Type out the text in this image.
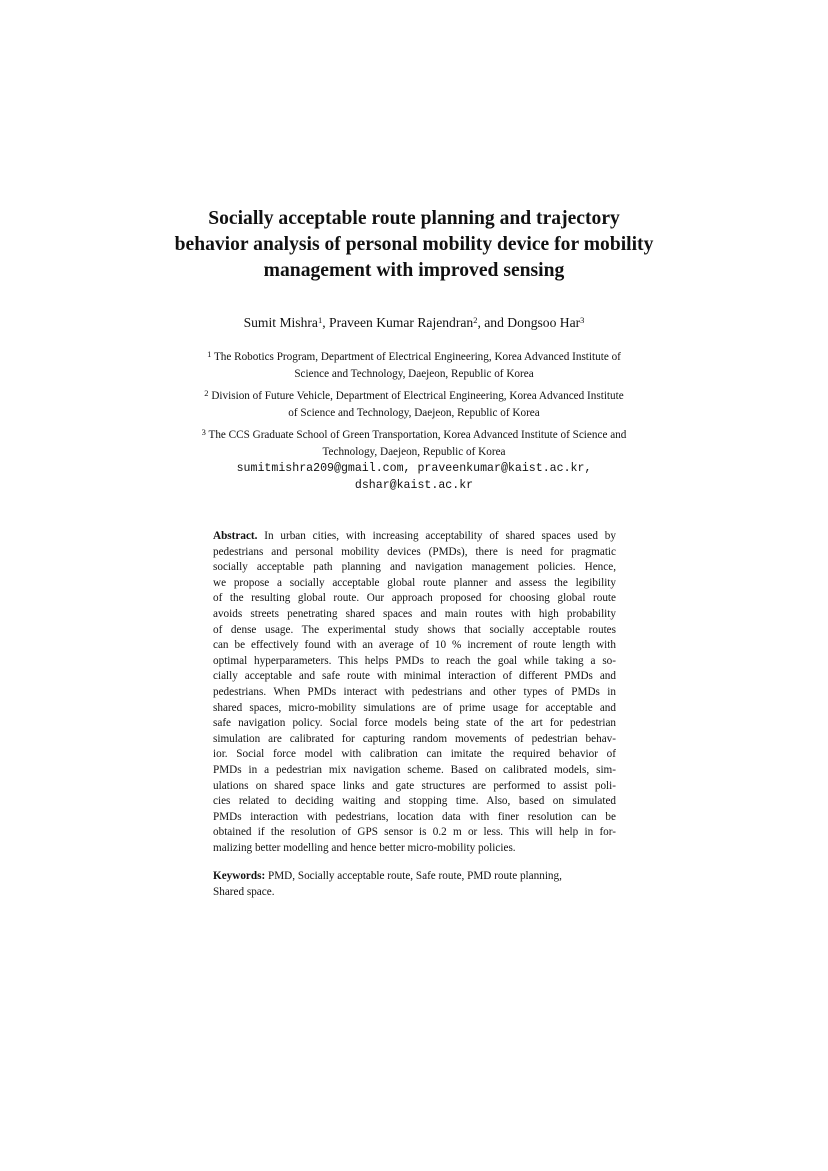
Socially acceptable route planning and trajectory
behavior analysis of personal mobility device for mobility
management with improved sensing
Sumit Mishra$^1$, Praveen Kumar Rajendran$^2$, and Dongsoo Har$^3$
$^1$ The Robotics Program, Department of Electrical Engineering, Korea Advanced Institute of
Science and Technology, Daejeon, Republic of Korea
$^2$ Division of Future Vehicle, Department of Electrical Engineering, Korea Advanced Institute
of Science and Technology, Daejeon, Republic of Korea
$^3$ The CCS Graduate School of Green Transportation, Korea Advanced Institute of Science and
Technology, Daejeon, Republic of Korea
sumitmishra209@gmail.com, praveenkumar@kaist.ac.kr,
dshar@kaist.ac.kr
Abstract. In urban cities, with increasing acceptability of shared spaces used by
pedestrians and personal mobility devices (PMDs), there is need for pragmatic
socially acceptable path planning and navigation management policies. Hence,
we propose a socially acceptable global route planner and assess the legibility
of the resulting global route. Our approach proposed for choosing global route
avoids streets penetrating shared spaces and main routes with high probability
of dense usage. The experimental study shows that socially acceptable routes
can be effectively found with an average of 10 % increment of route length with
optimal hyperparameters. This helps PMDs to reach the goal while taking a so-
cially acceptable and safe route with minimal interaction of different PMDs and
pedestrians. When PMDs interact with pedestrians and other types of PMDs in
shared spaces, micro-mobility simulations are of prime usage for acceptable and
safe navigation policy. Social force models being state of the art for pedestrian
simulation are calibrated for capturing random movements of pedestrian behav-
ior. Social force model with calibration can imitate the required behavior of
PMDs in a pedestrian mix navigation scheme. Based on calibrated models, sim-
ulations on shared space links and gate structures are performed to assist poli-
cies related to deciding waiting and stopping time. Also, based on simulated
PMDs interaction with pedestrians, location data with finer resolution can be
obtained if the resolution of GPS sensor is 0.2 m or less. This will help in for-
malizing better modelling and hence better micro-mobility policies.
Keywords: PMD, Socially acceptable route, Safe route, PMD route planning,
Shared space.
